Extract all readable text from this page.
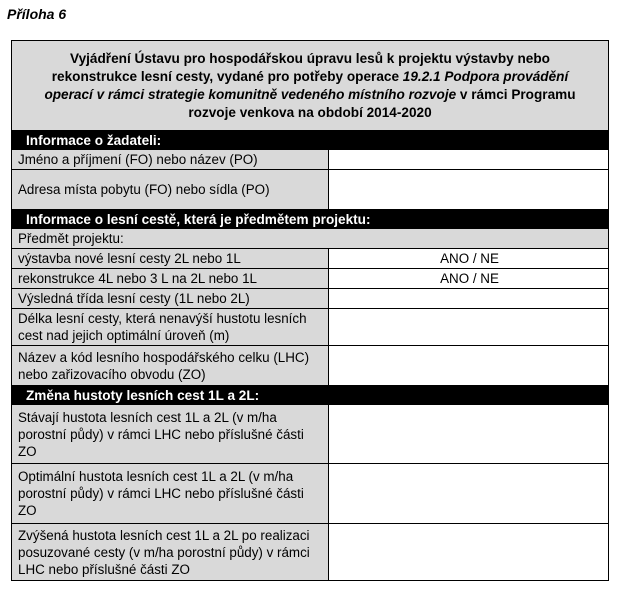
Příloha 6
Vyjádření Ústavu pro hospodářskou úpravu lesů k projektu výstavby nebo rekonstrukce lesní cesty, vydané pro potřeby operace 19.2.1 Podpora provádění operací v rámci strategie komunitně vedeného místního rozvoje v rámci Programu rozvoje venkova na období 2014-2020	
Informace o žadateli:	
Jméno a příjmení (FO) nebo název (PO)	
Adresa místa pobytu (FO) nebo sídla (PO)	
Informace o lesní cestě, která je předmětem projektu:	
Předmět projektu:	
výstavba nové lesní cesty 2L nebo 1L	ANO / NE
rekonstrukce 4L nebo 3 L na 2L nebo 1L	ANO / NE
Výsledná třída lesní cesty (1L nebo 2L)	
Délka lesní cesty, která nenavýší hustotu lesních cest nad jejich optimální úroveň (m)	
Název a kód lesního hospodářského celku (LHC) nebo zařizovacího obvodu (ZO)	
Změna hustoty lesních cest 1L a 2L:	
Stávají hustota lesních cest 1L a 2L (v m/ha porostní půdy) v rámci LHC nebo příslušné části ZO	
Optimální hustota lesních cest 1L a 2L (v m/ha porostní půdy) v rámci LHC nebo příslušné části ZO	
Zvýšená hustota lesních cest 1L a 2L po realizaci posuzované cesty (v m/ha porostní půdy) v rámci LHC nebo příslušné části ZO	
